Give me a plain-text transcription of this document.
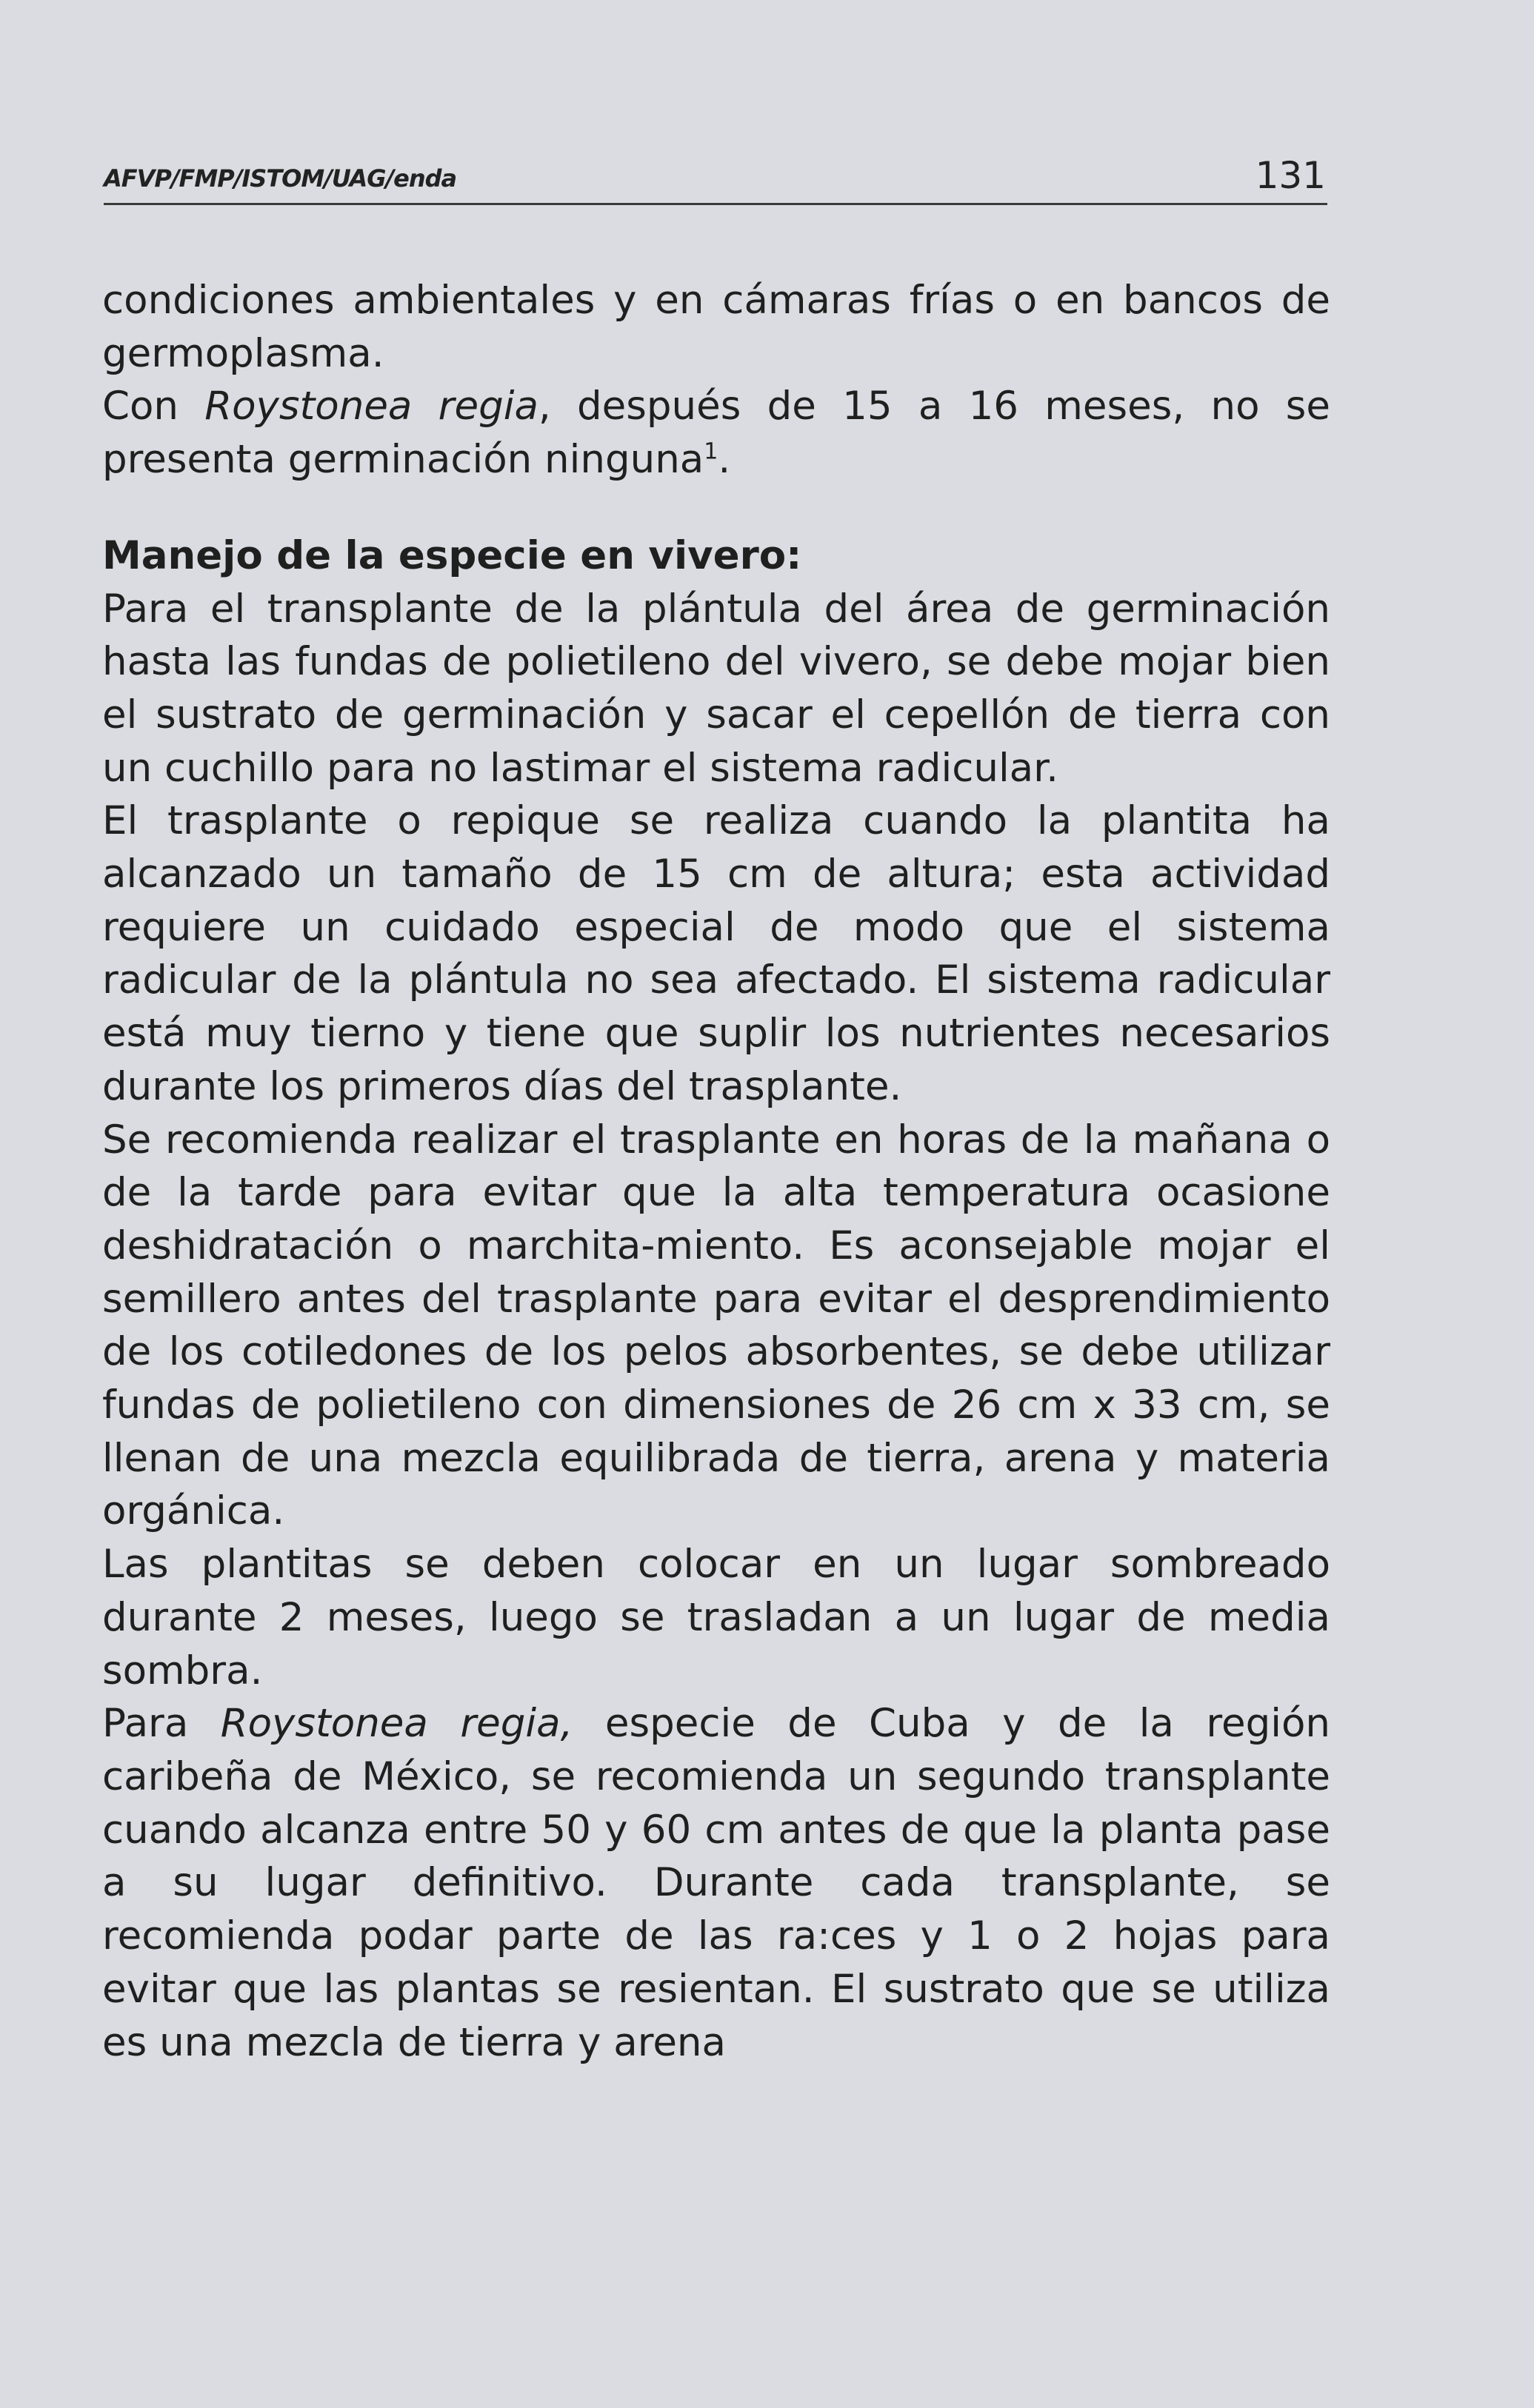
AFVP/FMP/ISTOM/UAG/enda	131

condiciones ambientales y en cámaras frías o en bancos de germoplasma.

Con Roystonea regia, después de 15 a 16 meses, no se presenta germinación ninguna$^1$.

Manejo de la especie en vivero:

Para el transplante de la plántula del área de germinación hasta las fundas de polietileno del vivero, se debe mojar bien el sustrato de germinación y sacar el cepellón de tierra con un cuchillo para no lastimar el sistema radicular.

El trasplante o repique se realiza cuando la plantita ha alcanzado un tamaño de 15 cm de altura; esta actividad requiere un cuidado especial de modo que el sistema radicular de la plántula no sea afectado. El sistema radicular está muy tierno y tiene que suplir los nutrientes necesarios durante los primeros días del trasplante.

Se recomienda realizar el trasplante en horas de la mañana o de la tarde para evitar que la alta temperatura ocasione deshidratación o marchita-miento. Es aconsejable mojar el semillero antes del trasplante para evitar el desprendimiento de los cotiledones de los pelos absorbentes, se debe utilizar fundas de polietileno con dimensiones de 26 cm x 33 cm, se llenan de una mezcla equilibrada de tierra, arena y materia orgánica.

Las plantitas se deben colocar en un lugar sombreado durante 2 meses, luego se trasladan a un lugar de media sombra.

Para Roystonea regia, especie de Cuba y de la región caribeña de México, se recomienda un segundo transplante cuando alcanza entre 50 y 60 cm antes de que la planta pase a su lugar definitivo. Durante cada transplante, se recomienda podar parte de las ra:ces y 1 o 2 hojas para evitar que las plantas se resientan. El sustrato que se utiliza es una mezcla de tierra y arena
